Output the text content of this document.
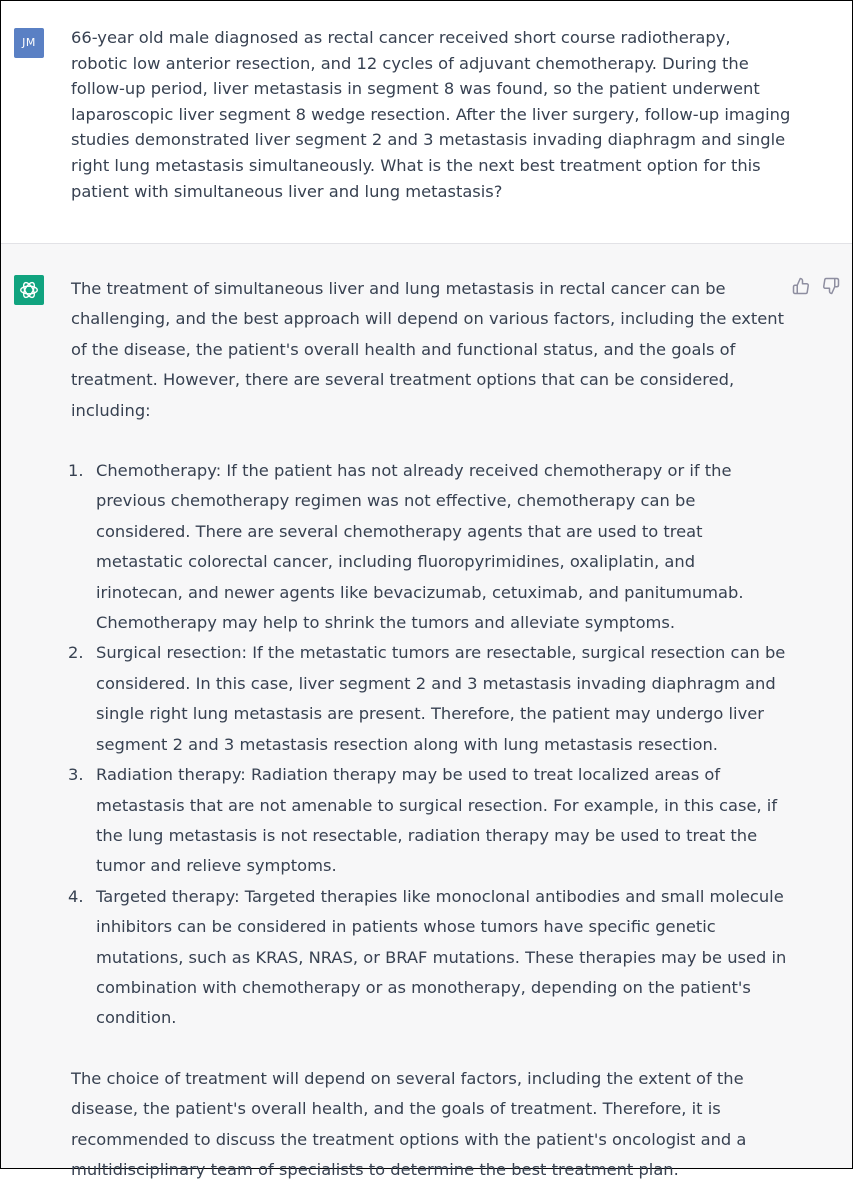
JM	66-year old male diagnosed as rectal cancer received short course radiotherapy, robotic low anterior resection, and 12 cycles of adjuvant chemotherapy. During the follow-up period, liver metastasis in segment 8 was found, so the patient underwent laparoscopic liver segment 8 wedge resection. After the liver surgery, follow-up imaging studies demonstrated liver segment 2 and 3 metastasis invading diaphragm and single right lung metastasis simultaneously. What is the next best treatment option for this patient with simultaneous liver and lung metastasis?

The treatment of simultaneous liver and lung metastasis in rectal cancer can be challenging, and the best approach will depend on various factors, including the extent of the disease, the patient's overall health and functional status, and the goals of treatment. However, there are several treatment options that can be considered, including:

1. Chemotherapy: If the patient has not already received chemotherapy or if the previous chemotherapy regimen was not effective, chemotherapy can be considered. There are several chemotherapy agents that are used to treat metastatic colorectal cancer, including fluoropyrimidines, oxaliplatin, and irinotecan, and newer agents like bevacizumab, cetuximab, and panitumumab. Chemotherapy may help to shrink the tumors and alleviate symptoms.
2. Surgical resection: If the metastatic tumors are resectable, surgical resection can be considered. In this case, liver segment 2 and 3 metastasis invading diaphragm and single right lung metastasis are present. Therefore, the patient may undergo liver segment 2 and 3 metastasis resection along with lung metastasis resection.
3. Radiation therapy: Radiation therapy may be used to treat localized areas of metastasis that are not amenable to surgical resection. For example, in this case, if the lung metastasis is not resectable, radiation therapy may be used to treat the tumor and relieve symptoms.
4. Targeted therapy: Targeted therapies like monoclonal antibodies and small molecule inhibitors can be considered in patients whose tumors have specific genetic mutations, such as KRAS, NRAS, or BRAF mutations. These therapies may be used in combination with chemotherapy or as monotherapy, depending on the patient's condition.

The choice of treatment will depend on several factors, including the extent of the disease, the patient's overall health, and the goals of treatment. Therefore, it is recommended to discuss the treatment options with the patient's oncologist and a multidisciplinary team of specialists to determine the best treatment plan.
